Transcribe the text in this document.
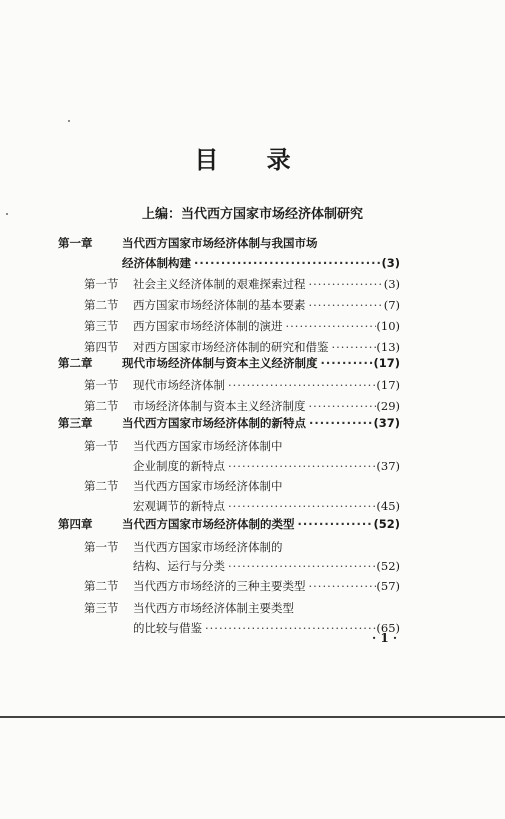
目 录
上编：当代西方国家市场经济体制研究
第一章	当代西方国家市场经济体制与我国市场
经济体制构建 ·····	(3)
第一节	社会主义经济体制的艰难探索过程 ·····	(3)
第二节	西方国家市场经济体制的基本要素 ·····	(7)
第三节	西方国家市场经济体制的演进 ·····	(10)
第四节	对西方国家市场经济体制的研究和借鉴 ·····	(13)
第二章	现代市场经济体制与资本主义经济制度 ·····	(17)
第一节	现代市场经济体制 ·····	(17)
第二节	市场经济体制与资本主义经济制度 ·····	(29)
第三章	当代西方国家市场经济体制的新特点 ·····	(37)
第一节	当代西方国家市场经济体制中
企业制度的新特点 ·····	(37)
第二节	当代西方国家市场经济体制中
宏观调节的新特点 ·····	(45)
第四章	当代西方国家市场经济体制的类型 ·····	(52)
第一节	当代西方国家市场经济体制的
结构、运行与分类 ·····	(52)
第二节	当代西方市场经济的三种主要类型 ·····	(57)
第三节	当代西方市场经济体制主要类型
的比较与借鉴 ·····	(65)
· 1 ·
